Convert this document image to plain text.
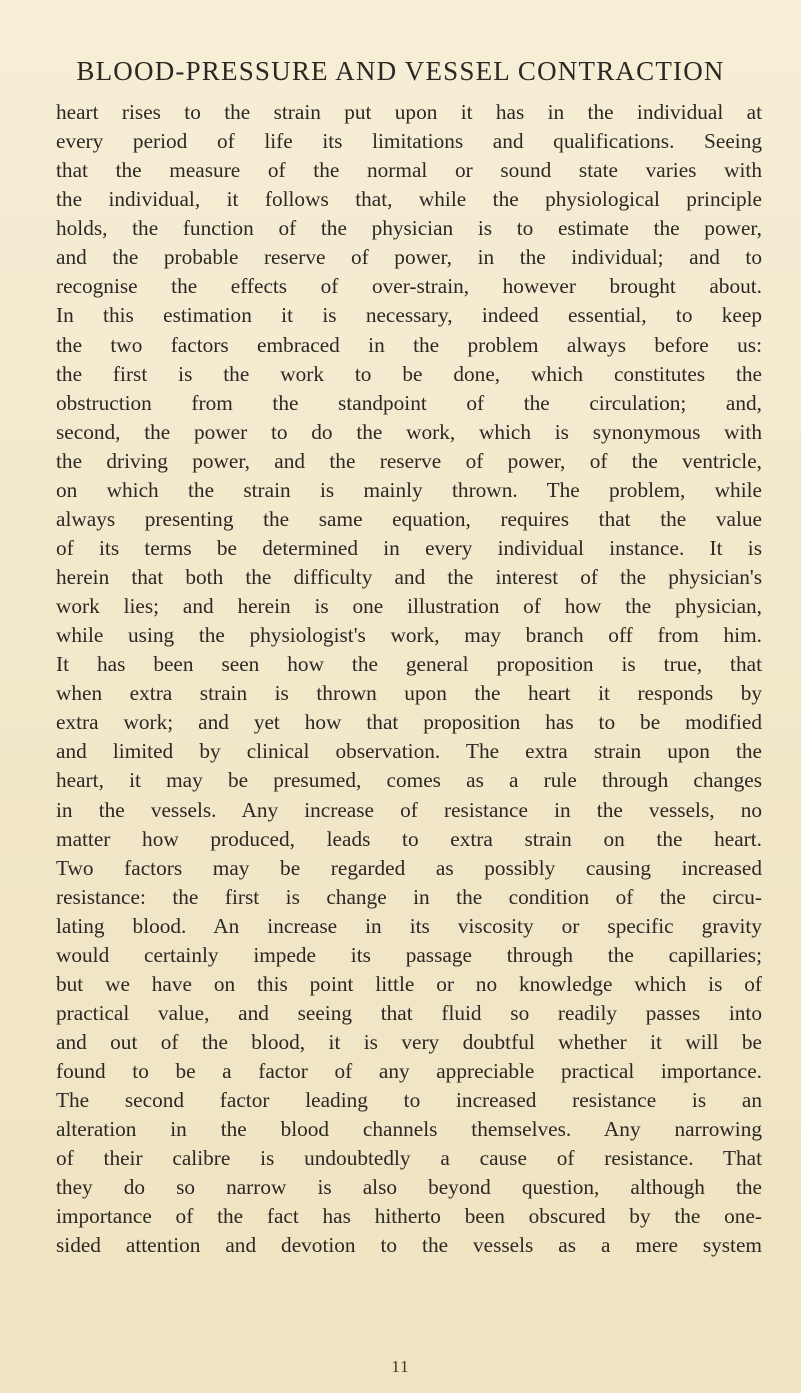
BLOOD-PRESSURE AND VESSEL CONTRACTION
heart rises to the strain put upon it has in the individual at
every period of life its limitations and qualifications. Seeing
that the measure of the normal or sound state varies with
the individual, it follows that, while the physiological principle
holds, the function of the physician is to estimate the power,
and the probable reserve of power, in the individual; and to
recognise the effects of over-strain, however brought about.
In this estimation it is necessary, indeed essential, to keep
the two factors embraced in the problem always before us:
the first is the work to be done, which constitutes the
obstruction from the standpoint of the circulation; and,
second, the power to do the work, which is synonymous with
the driving power, and the reserve of power, of the ventricle,
on which the strain is mainly thrown. The problem, while
always presenting the same equation, requires that the value
of its terms be determined in every individual instance. It is
herein that both the difficulty and the interest of the physician's
work lies; and herein is one illustration of how the physician,
while using the physiologist's work, may branch off from him.
It has been seen how the general proposition is true, that
when extra strain is thrown upon the heart it responds by
extra work; and yet how that proposition has to be modified
and limited by clinical observation. The extra strain upon the
heart, it may be presumed, comes as a rule through changes
in the vessels. Any increase of resistance in the vessels, no
matter how produced, leads to extra strain on the heart.
Two factors may be regarded as possibly causing increased
resistance: the first is change in the condition of the circu-
lating blood. An increase in its viscosity or specific gravity
would certainly impede its passage through the capillaries;
but we have on this point little or no knowledge which is of
practical value, and seeing that fluid so readily passes into
and out of the blood, it is very doubtful whether it will be
found to be a factor of any appreciable practical importance.
The second factor leading to increased resistance is an
alteration in the blood channels themselves. Any narrowing
of their calibre is undoubtedly a cause of resistance. That
they do so narrow is also beyond question, although the
importance of the fact has hitherto been obscured by the one-
sided attention and devotion to the vessels as a mere system
11
